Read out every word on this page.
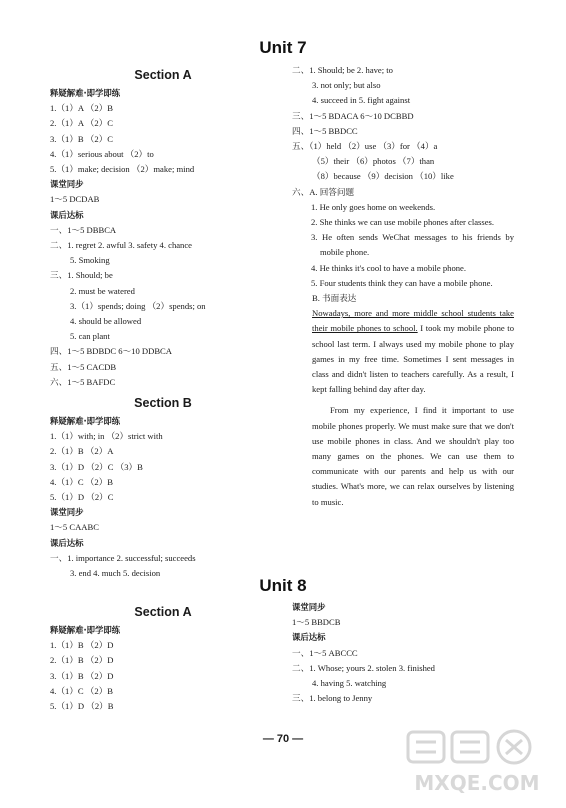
Unit 7
Section A
释疑解难·即学即练
1.（1）A （2）B
2.（1）A （2）C
3.（1）B （2）C
4.（1）serious about （2）to
5.（1）make; decision （2）make; mind
课堂同步
1～5 DCDAB
课后达标
一、1～5 DBBCA
二、1. regret 2. awful 3. safety 4. chance
5. Smoking
三、1. Should; be
2. must be watered
3.（1）spends; doing （2）spends; on
4. should be allowed
5. can plant
四、1～5 BDBDC 6～10 DDBCA
五、1～5 CACDB
六、1～5 BAFDC
Section B
释疑解难·即学即练
1.（1）with; in （2）strict with
2.（1）B （2）A
3.（1）D （2）C （3）B
4.（1）C （2）B
5.（1）D （2）C
课堂同步
1～5 CAABC
课后达标
一、1. importance 2. successful; succeeds
3. end 4. much 5. decision
二、1. Should; be 2. have; to
3. not only; but also
4. succeed in 5. fight against
三、1～5 BDACA 6～10 DCBBD
四、1～5 BBDCC
五、（1）held （2）use （3）for （4）a
（5）their （6）photos （7）than
（8）because （9）decision （10）like
六、A. 回答问题
1. He only goes home on weekends.
2. She thinks we can use mobile phones after classes.
3. He often sends WeChat messages to his friends by mobile phone.
4. He thinks it's cool to have a mobile phone.
5. Four students think they can have a mobile phone.
B. 书面表达
Nowadays, more and more middle school students take their mobile phones to school. I took my mobile phone to school last term. I always used my mobile phone to play games in my free time. Sometimes I sent messages in class and didn't listen to teachers carefully. As a result, I kept falling behind day after day.
From my experience, I find it important to use mobile phones properly. We must make sure that we don't use mobile phones in class. And we shouldn't play too many games on the phones. We can use them to communicate with our parents and help us with our studies. What's more, we can relax ourselves by listening to music.
Unit 8
Section A
释疑解难·即学即练
1.（1）B （2）D
2.（1）B （2）D
3.（1）B （2）D
4.（1）C （2）B
5.（1）D （2）B
课堂同步
1～5 BBDCB
课后达标
一、1～5 ABCCC
二、1. Whose; yours 2. stolen 3. finished
4. having 5. watching
三、1. belong to Jenny
— 70 —
MXQE.COM
